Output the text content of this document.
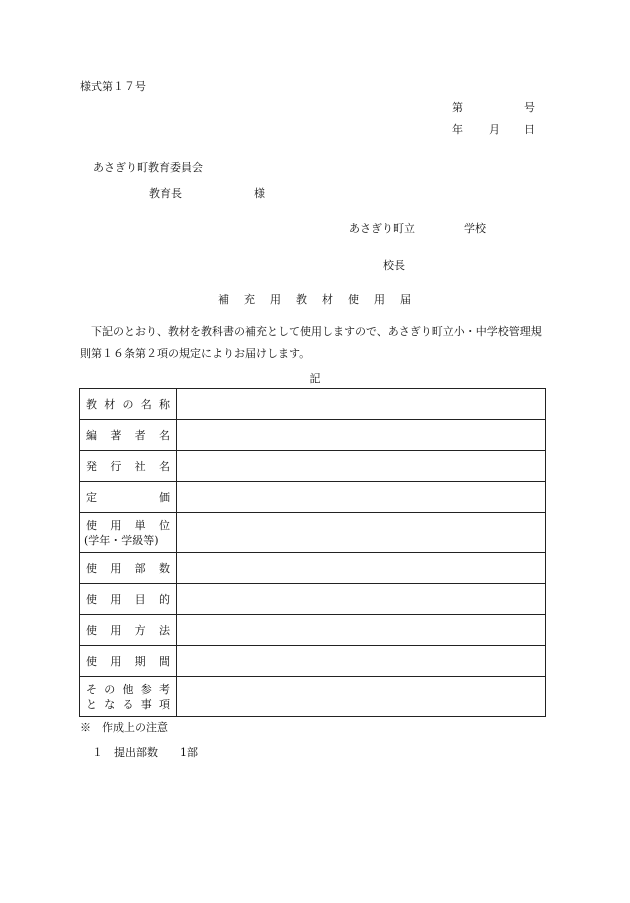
様式第１７号
第	号
年 月 日
あさぎり町教育委員会
教育長	様
あさぎり町立	学校
校長
補充用教材使用届
下記のとおり、教材を教科書の補充として使用しますので、あさぎり町立小・中学校管理規則第１６条第２項の規定によりお届けします。
記
教材の名称	

編著者名	

発行社名	

定価	

使用単位
(学年・学級等)	

使用部数	

使用目的	

使用方法	

使用期間	

その他参考
となる事項	

※　作成上の注意
１　提出部数　　1部
